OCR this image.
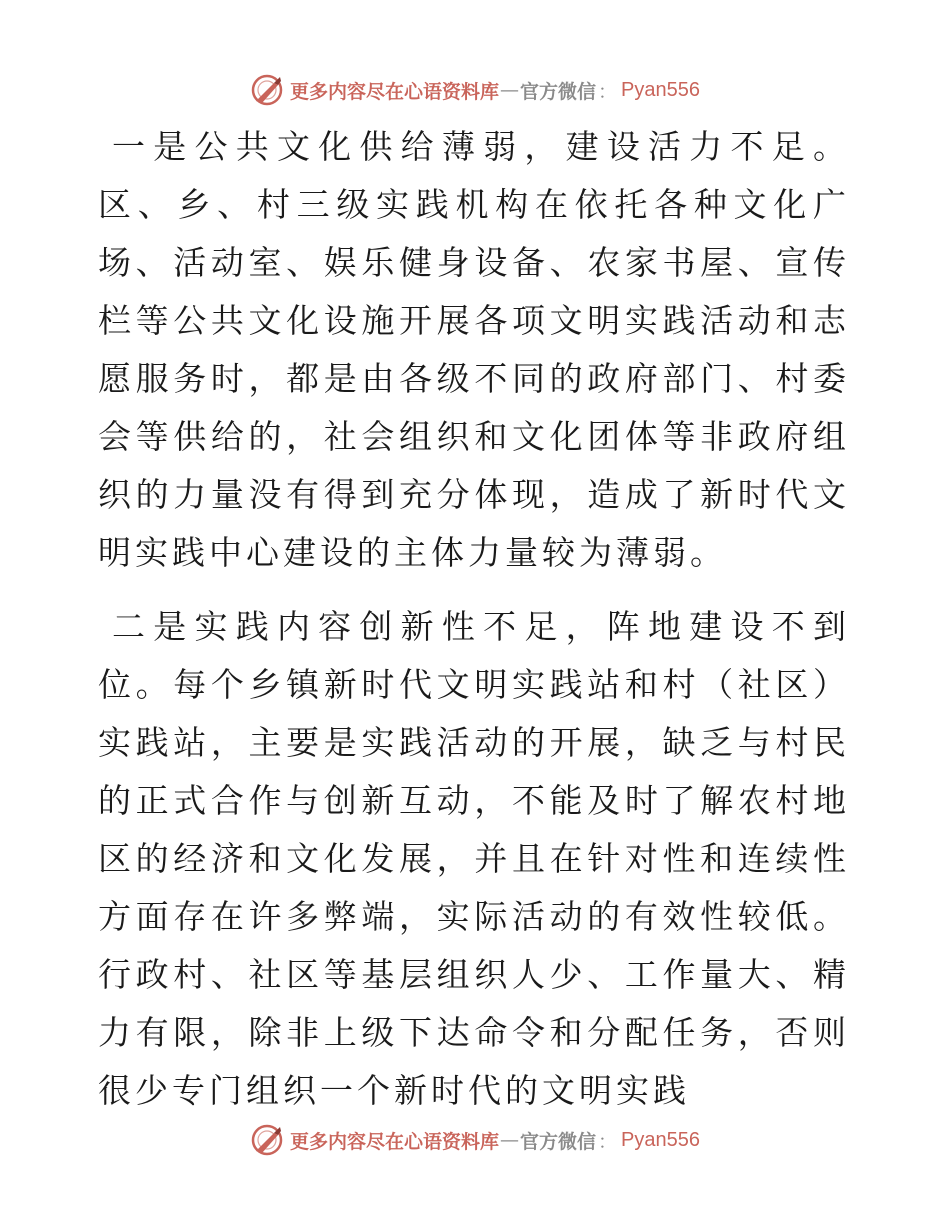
更多内容尽在心语资料库 — 官方微信 ： Pyan556

一是公共文化供给薄弱，建设活力不足。区、乡、村三级实践机构在依托各种文化广场、活动室、娱乐健身设备、农家书屋、宣传栏等公共文化设施开展各项文明实践活动和志愿服务时，都是由各级不同的政府部门、村委会等供给的，社会组织和文化团体等非政府组织的力量没有得到充分体现，造成了新时代文明实践中心建设的主体力量较为薄弱。

二是实践内容创新性不足，阵地建设不到位。每个乡镇新时代文明实践站和村（社区）实践站，主要是实践活动的开展，缺乏与村民的正式合作与创新互动，不能及时了解农村地区的经济和文化发展，并且在针对性和连续性方面存在许多弊端，实际活动的有效性较低。行政村、社区等基层组织人少、工作量大、精力有限，除非上级下达命令和分配任务，否则很少专门组织一个新时代的文明实践

更多内容尽在心语资料库 — 官方微信 ： Pyan556
